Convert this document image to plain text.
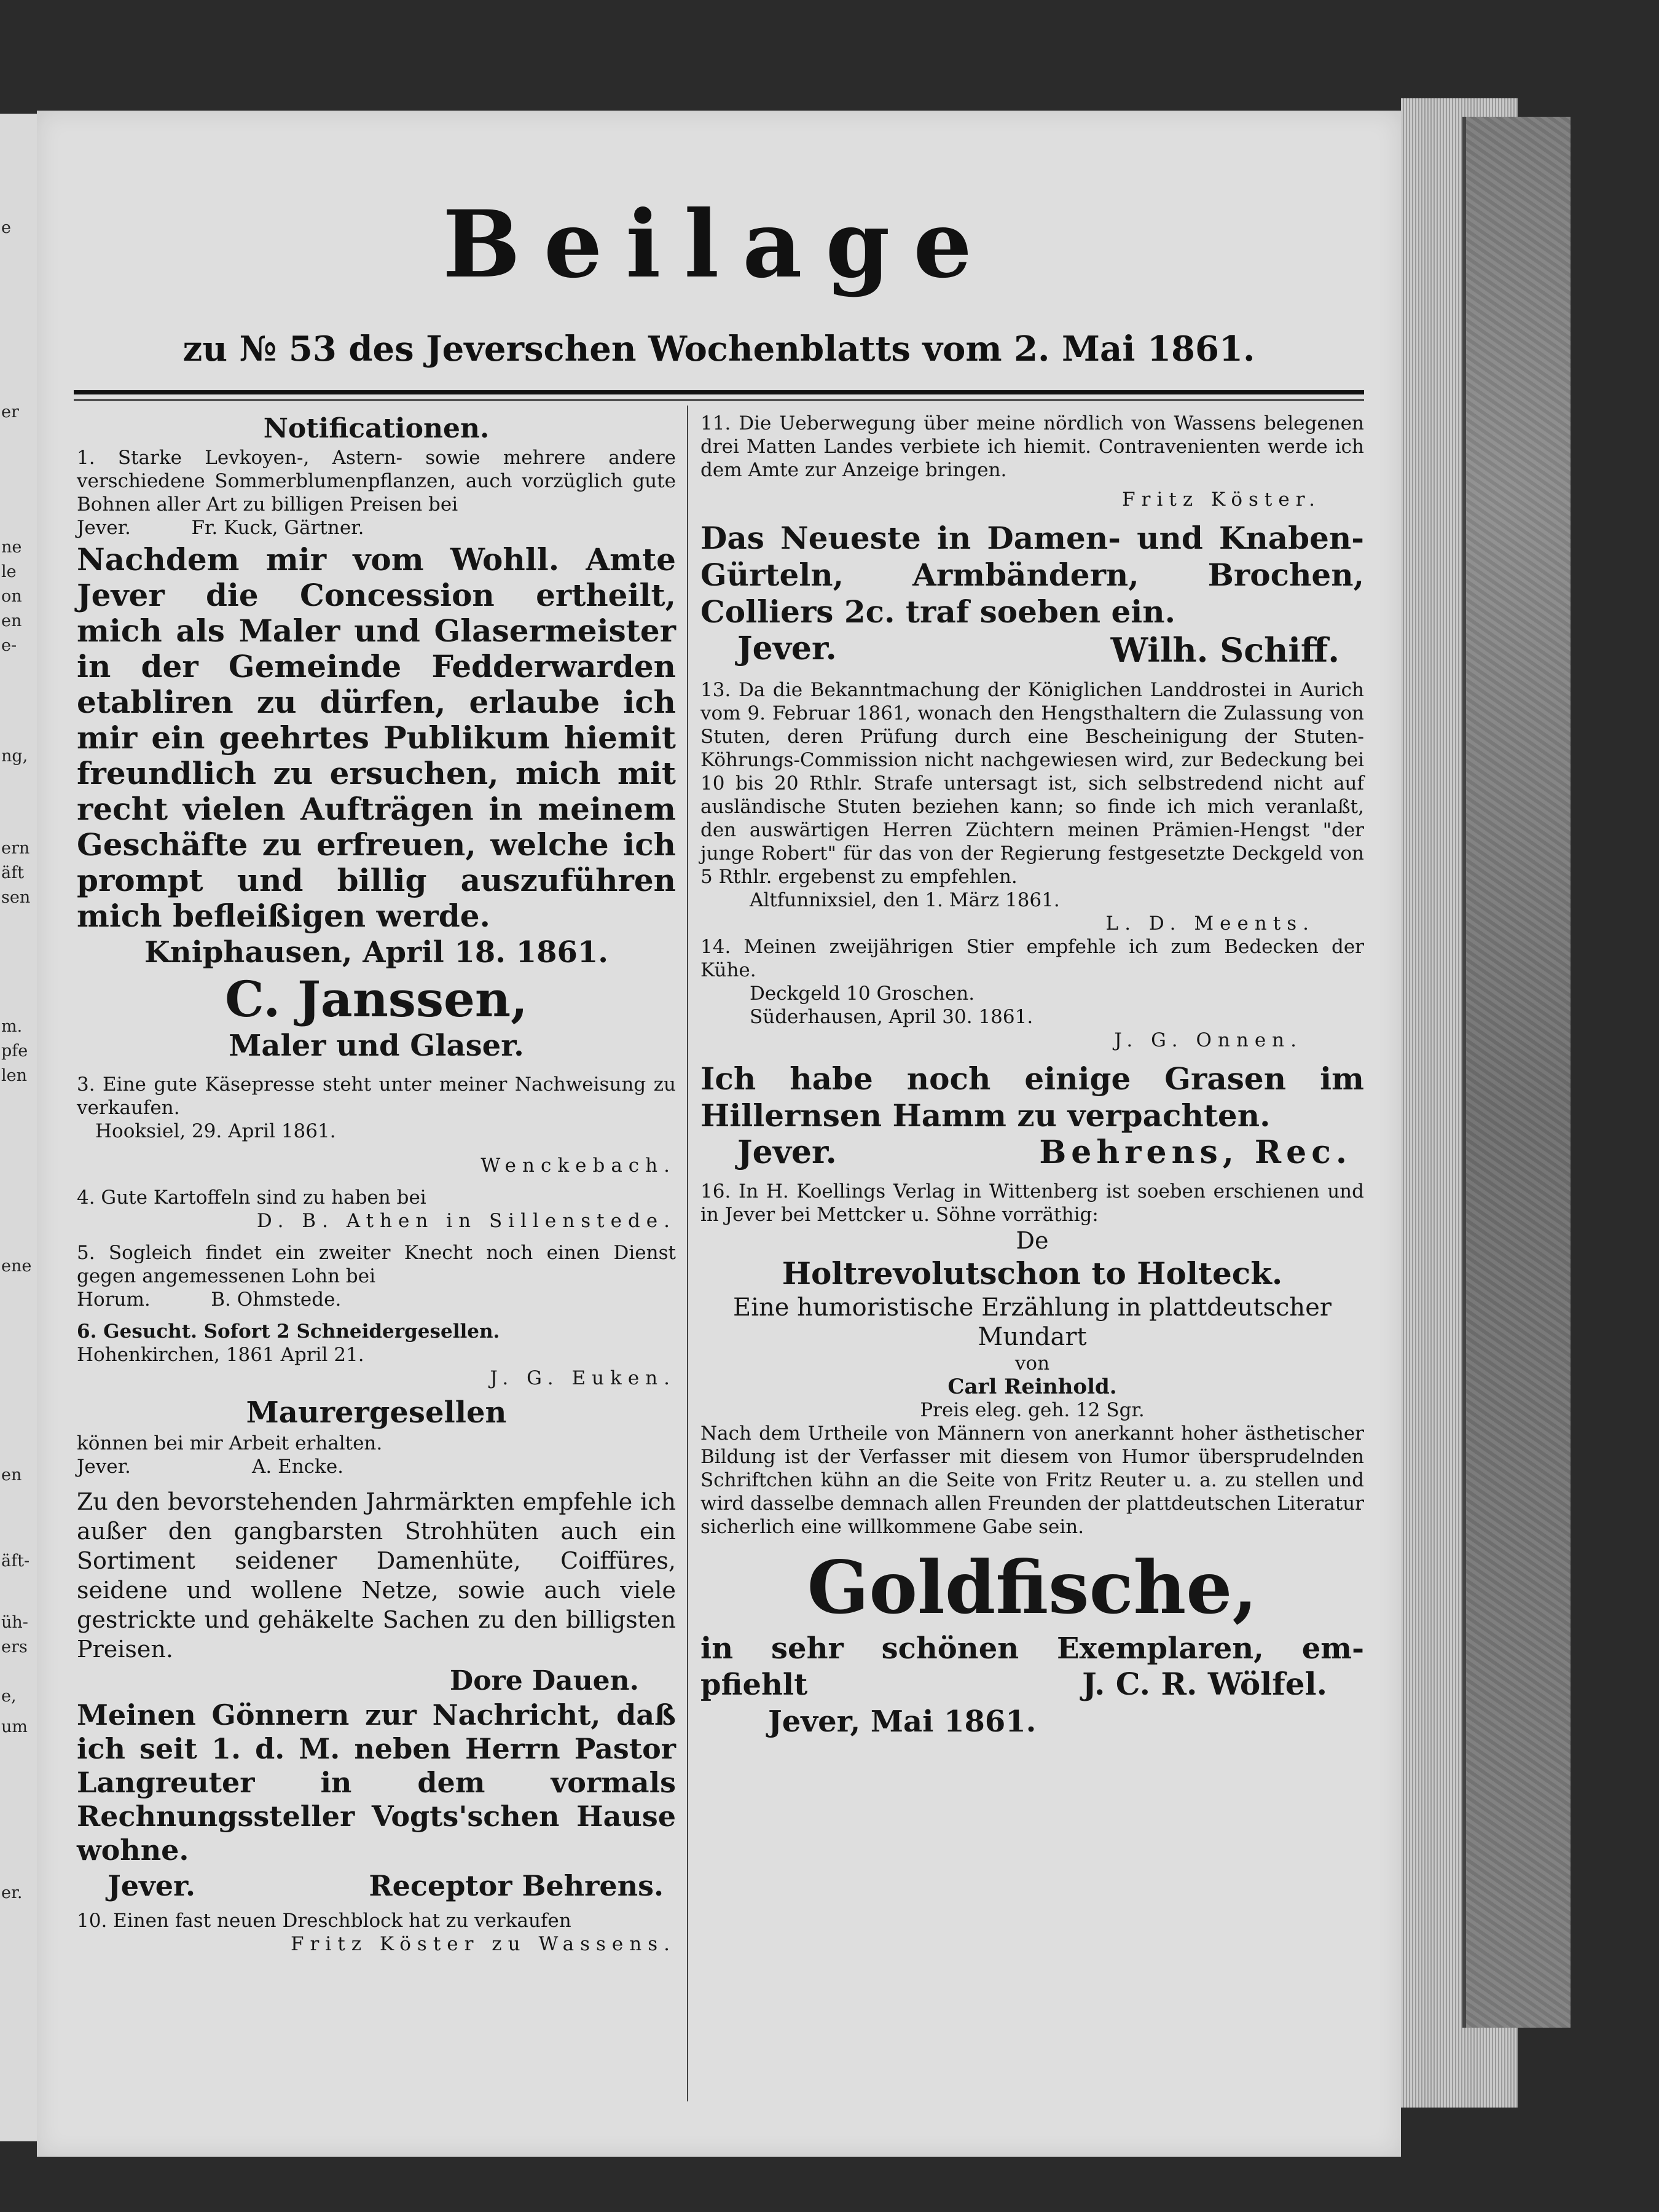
e
er
ne
le
on
en
e-
ng,
ern
äft
sen
m.
pfe
len
ene
en
äft-
üh-
ers
e,
um
er.
Beilage
zu № 53 des Jeverschen Wochenblatts vom 2. Mai 1861.

Notificationen.

1. Starke Levkoyen-, Astern- sowie mehrere andere verschiedene Sommerblumenpflanzen, auch vorzüglich gute Bohnen aller Art zu billigen Preisen bei

Jever.          Fr. Kuck, Gärtner.

Nachdem mir vom Wohll. Amte Jever die Concession ertheilt, mich als Maler und Glasermeister in der Gemeinde Fedderwarden etabliren zu dürfen, erlaube ich mir ein geehrtes Publikum hiemit freundlich zu ersuchen, mich mit recht vielen Aufträgen in meinem Geschäfte zu erfreuen, welche ich prompt und billig auszuführen mich befleißigen werde.

Kniphausen, April 18. 1861.

C. Janssen,

Maler und Glaser.

3. Eine gute Käsepresse steht unter meiner Nachweisung zu verkaufen.

Hooksiel, 29. April 1861.

Wenckebach.

4. Gute Kartoffeln sind zu haben bei

D. B. Athen in Sillenstede.

5. Sogleich findet ein zweiter Knecht noch einen Dienst gegen angemessenen Lohn bei

Horum.          B. Ohmstede.

6. Gesucht. Sofort 2 Schneidergesellen.

Hohenkirchen, 1861 April 21.

J. G. Euken.

Maurergesellen

können bei mir Arbeit erhalten.

Jever.                    A. Encke.

Zu den bevorstehenden Jahrmärkten empfehle ich außer den gangbarsten Strohhüten auch ein Sortiment seidener Damenhüte, Coiffüres, seidene und wollene Netze, sowie auch viele gestrickte und gehäkelte Sachen zu den billigsten Preisen.

Dore Dauen.

Meinen Gönnern zur Nachricht, daß ich seit 1. d. M. neben Herrn Pastor Langreuter in dem vormals Rechnungssteller Vogts'schen Hause wohne.

Jever.	Receptor Behrens.

10. Einen fast neuen Dreschblock hat zu verkaufen

Fritz Köster zu Wassens.

11. Die Ueberwegung über meine nördlich von Wassens belegenen drei Matten Landes verbiete ich hiemit. Contravenienten werde ich dem Amte zur Anzeige bringen.

Fritz Köster.

Das Neueste in Damen- und Knaben-Gürteln, Armbändern, Brochen, Colliers 2c. traf soeben ein.

Jever.	Wilh. Schiff.

13. Da die Bekanntmachung der Königlichen Landdrostei in Aurich vom 9. Februar 1861, wonach den Hengsthaltern die Zulassung von Stuten, deren Prüfung durch eine Bescheinigung der Stuten-Köhrungs-Commission nicht nachgewiesen wird, zur Bedeckung bei 10 bis 20 Rthlr. Strafe untersagt ist, sich selbstredend nicht auf ausländische Stuten beziehen kann; so finde ich mich veranlaßt, den auswärtigen Herren Züchtern meinen Prämien-Hengst "der junge Robert" für das von der Regierung festgesetzte Deckgeld von 5 Rthlr. ergebenst zu empfehlen.

Altfunnixsiel, den 1. März 1861.

L. D. Meents.

14. Meinen zweijährigen Stier empfehle ich zum Bedecken der Kühe.

Deckgeld 10 Groschen.

Süderhausen, April 30. 1861.

J. G. Onnen.

Ich habe noch einige Grasen im Hillernsen Hamm zu verpachten.

Jever.	Behrens, Rec.

16. In H. Koellings Verlag in Wittenberg ist soeben erschienen und in Jever bei Mettcker u. Söhne vorräthig:

De

Holtrevolutschon to Holteck.

Eine humoristische Erzählung in plattdeutscher

Mundart

von

Carl Reinhold.

Preis eleg. geh. 12 Sgr.

Nach dem Urtheile von Männern von anerkannt hoher ästhetischer Bildung ist der Verfasser mit diesem von Humor übersprudelnden Schriftchen kühn an die Seite von Fritz Reuter u. a. zu stellen und wird dasselbe demnach allen Freunden der plattdeutschen Literatur sicherlich eine willkommene Gabe sein.

Goldfische,

in sehr schönen Exemplaren, em-

pfiehlt	J. C. R. Wölfel.

Jever, Mai 1861.
